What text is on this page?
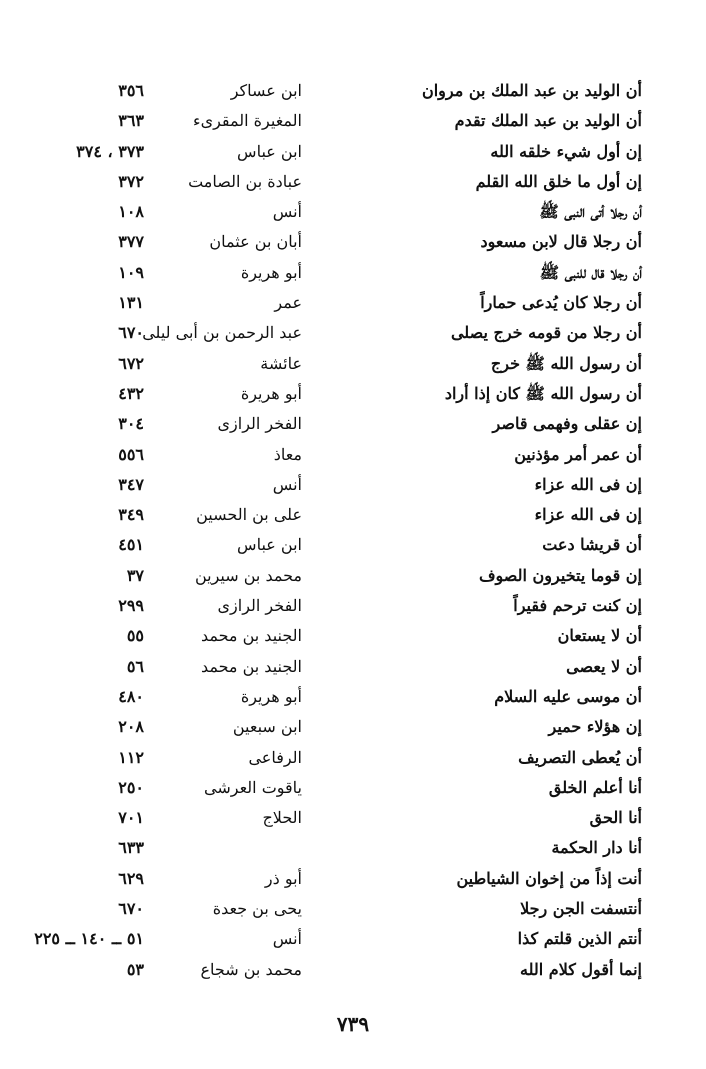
أن الوليد بن عبد الملك بن مروان
ابن عساكر
٣٥٦
أن الوليد بن عبد الملك تقدم
المغيرة المقرىء
٣٦٣
إن أول شيء خلقه الله
ابن عباس
٣٧٣ ، ٣٧٤
إن أول ما خلق الله القلم
عبادة بن الصامت
٣٧٢
أن رجلا أتى النبى ﷺ
أنس
١٠٨
أن رجلا قال لابن مسعود
أبان بن عثمان
٣٧٧
أن رجلا قال للنبى ﷺ
أبو هريرة
١٠٩
أن رجلا كان يُدعى حماراً
عمر
١٣١
أن رجلا من قومه خرج يصلى
عبد الرحمن بن أبى ليلى
٦٧٠
أن رسول الله ﷺ خرج
عائشة
٦٧٢
أن رسول الله ﷺ كان إذا أراد
أبو هريرة
٤٣٢
إن عقلى وفهمى قاصر
الفخر الرازى
٣٠٤
أن عمر أمر مؤذنين
معاذ
٥٥٦
إن فى الله عزاء
أنس
٣٤٧
إن فى الله عزاء
على بن الحسين
٣٤٩
أن قريشا دعت
ابن عباس
٤٥١
إن قوما يتخيرون الصوف
محمد بن سيرين
٣٧
إن كنت ترحم فقيراً
الفخر الرازى
٢٩٩
أن لا يستعان
الجنيد بن محمد
٥٥
أن لا يعصى
الجنيد بن محمد
٥٦
أن موسى عليه السلام
أبو هريرة
٤٨٠
إن هؤلاء حمير
ابن سبعين
٢٠٨
أن يُعطى التصريف
الرفاعى
١١٢
أنا أعلم الخلق
ياقوت العرشى
٢٥٠
أنا الحق
الحلاج
٧٠١
أنا دار الحكمة
٦٣٣
أنت إذاً من إخوان الشياطين
أبو ذر
٦٢٩
أنتسفت الجن رجلا
يحى بن جعدة
٦٧٠
أنتم الذين قلتم كذا
أنس
٥١ ــ ١٤٠ ــ ٢٢٥
إنما أقول كلام الله
محمد بن شجاع
٥٣
٧٣٩
